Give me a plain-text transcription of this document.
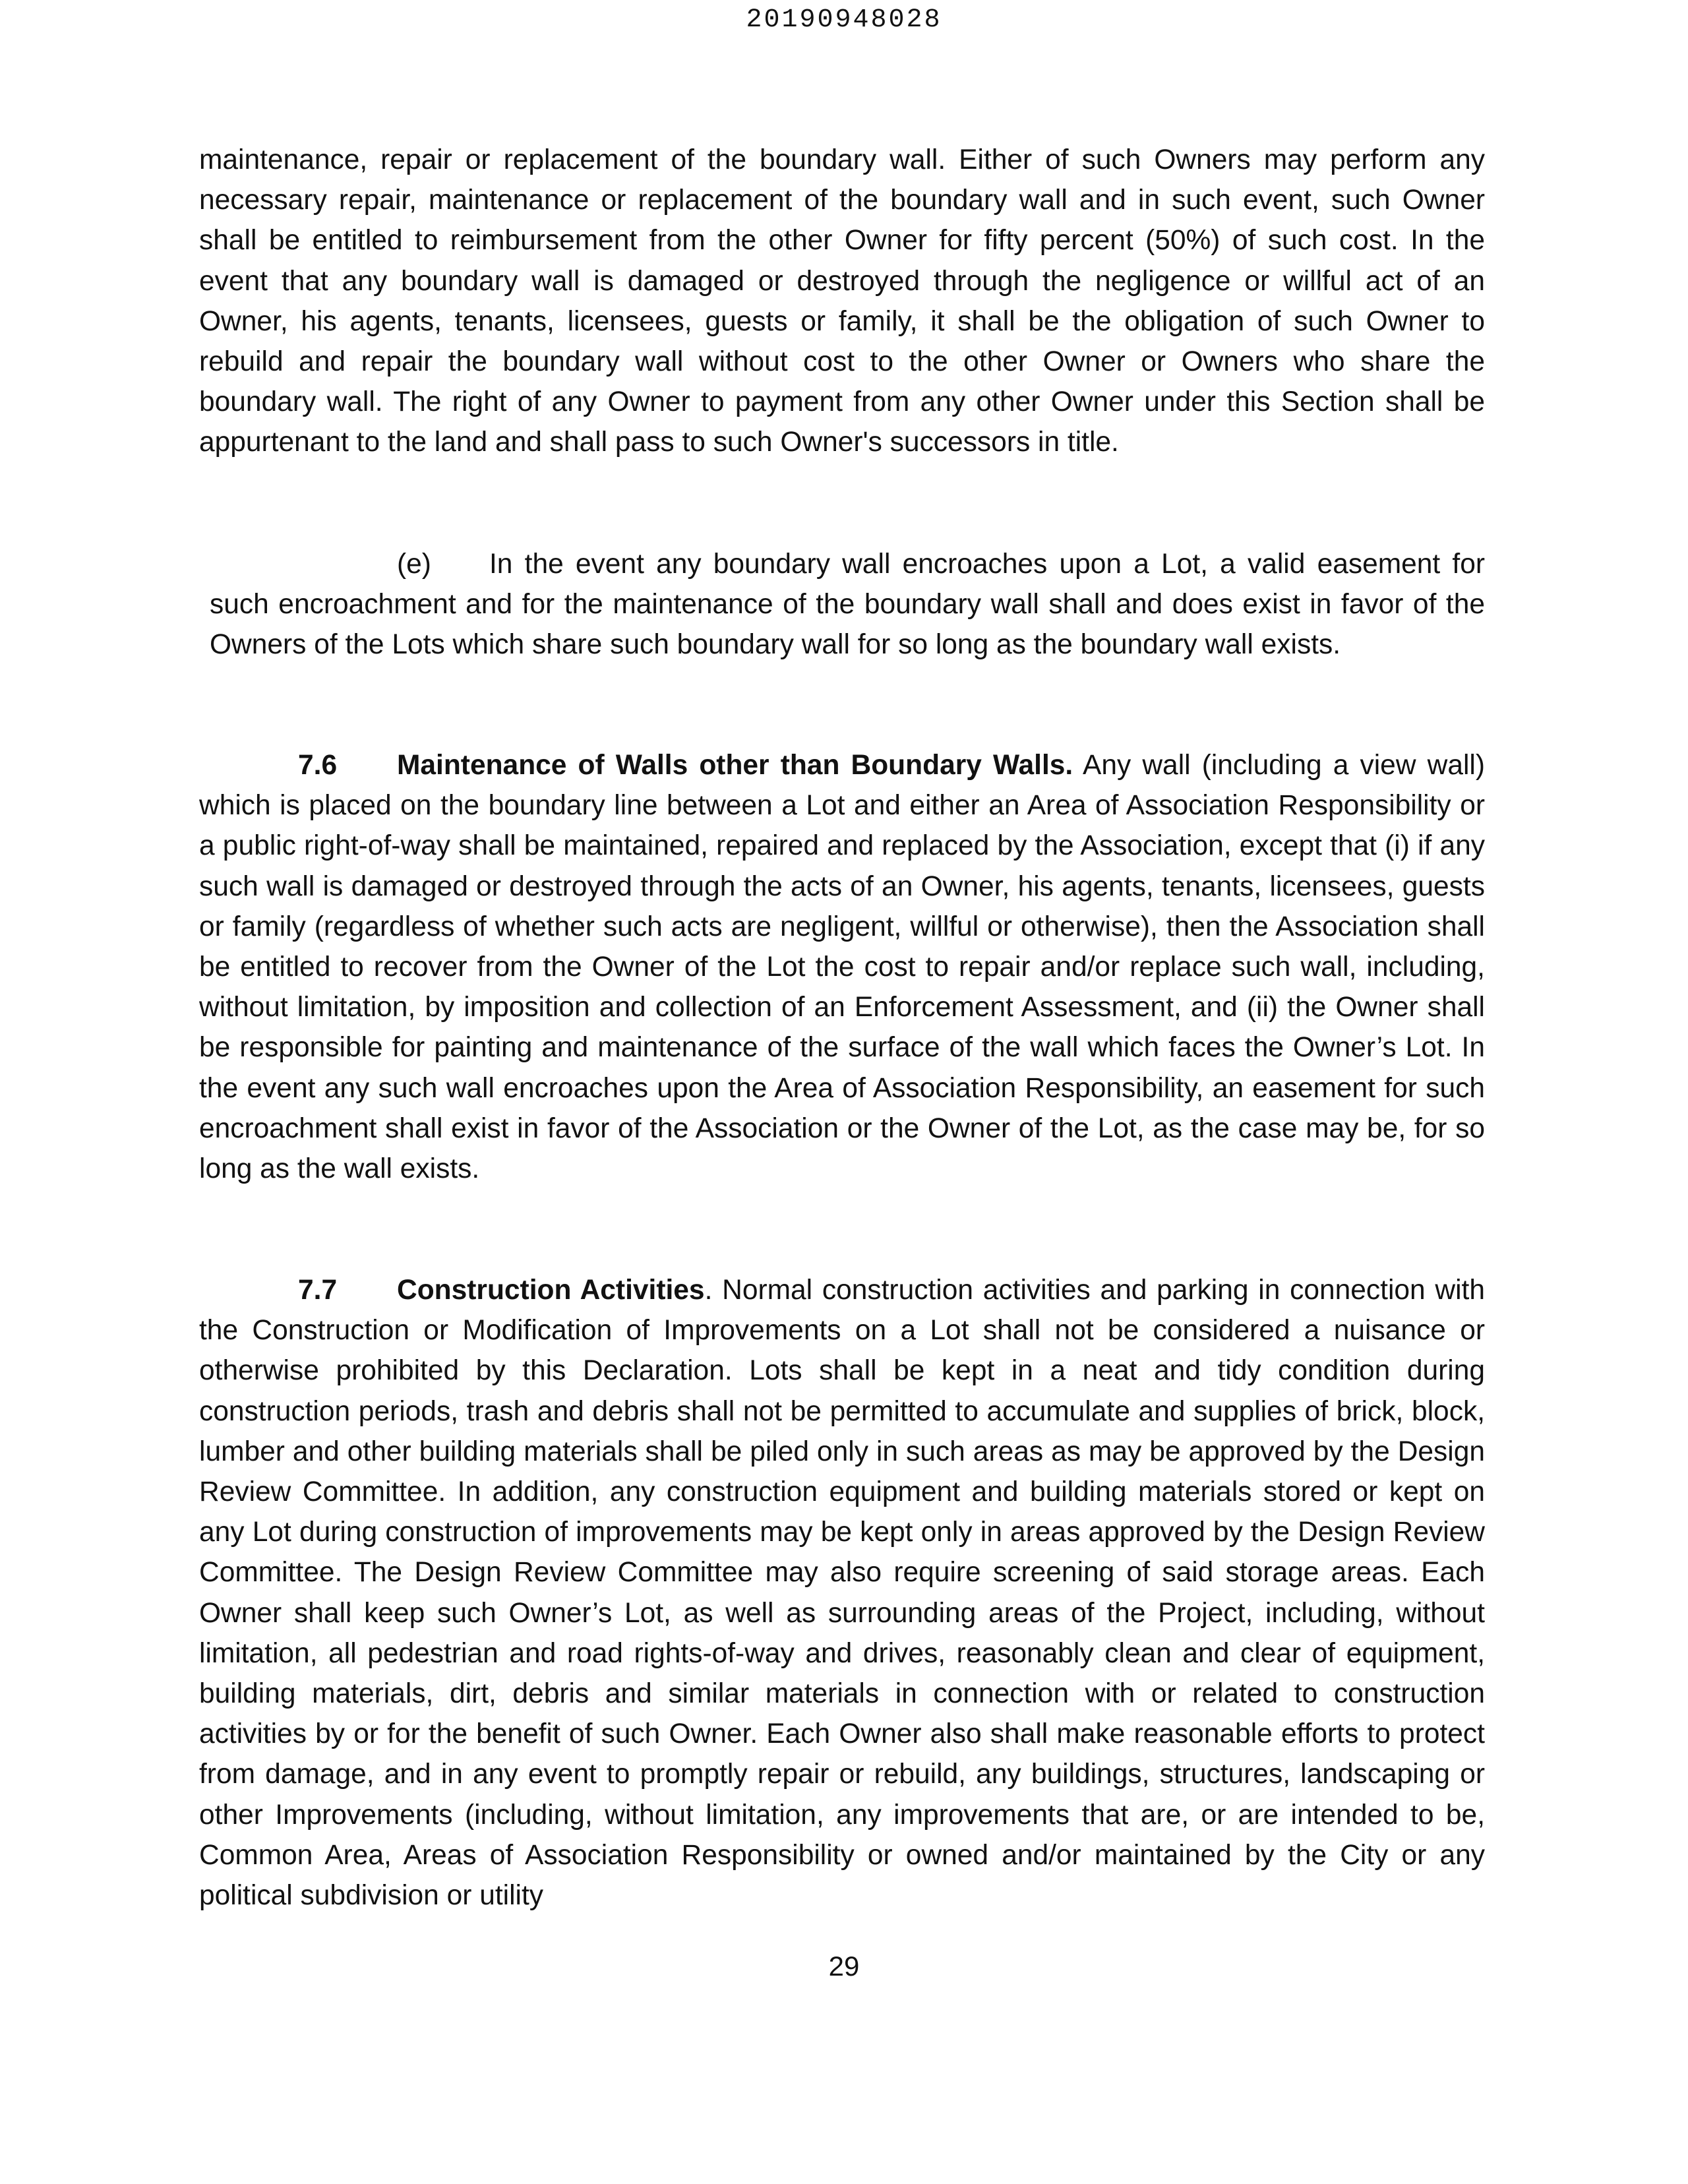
20190948028

maintenance, repair or replacement of the boundary wall. Either of such Owners may perform any necessary repair, maintenance or replacement of the boundary wall and in such event, such Owner shall be entitled to reimbursement from the other Owner for fifty percent (50%) of such cost. In the event that any boundary wall is damaged or destroyed through the negligence or willful act of an Owner, his agents, tenants, licensees, guests or family, it shall be the obligation of such Owner to rebuild and repair the boundary wall without cost to the other Owner or Owners who share the boundary wall. The right of any Owner to payment from any other Owner under this Section shall be appurtenant to the land and shall pass to such Owner's successors in title.

(e) In the event any boundary wall encroaches upon a Lot, a valid easement for such encroachment and for the maintenance of the boundary wall shall and does exist in favor of the Owners of the Lots which share such boundary wall for so long as the boundary wall exists.

7.6 Maintenance of Walls other than Boundary Walls. Any wall (including a view wall) which is placed on the boundary line between a Lot and either an Area of Association Responsibility or a public right-of-way shall be maintained, repaired and replaced by the Association, except that (i) if any such wall is damaged or destroyed through the acts of an Owner, his agents, tenants, licensees, guests or family (regardless of whether such acts are negligent, willful or otherwise), then the Association shall be entitled to recover from the Owner of the Lot the cost to repair and/or replace such wall, including, without limitation, by imposition and collection of an Enforcement Assessment, and (ii) the Owner shall be responsible for painting and maintenance of the surface of the wall which faces the Owner’s Lot. In the event any such wall encroaches upon the Area of Association Responsibility, an easement for such encroachment shall exist in favor of the Association or the Owner of the Lot, as the case may be, for so long as the wall exists.

7.7 Construction Activities. Normal construction activities and parking in connection with the Construction or Modification of Improvements on a Lot shall not be considered a nuisance or otherwise prohibited by this Declaration. Lots shall be kept in a neat and tidy condition during construction periods, trash and debris shall not be permitted to accumulate and supplies of brick, block, lumber and other building materials shall be piled only in such areas as may be approved by the Design Review Committee. In addition, any construction equipment and building materials stored or kept on any Lot during construction of improvements may be kept only in areas approved by the Design Review Committee. The Design Review Committee may also require screening of said storage areas. Each Owner shall keep such Owner’s Lot, as well as surrounding areas of the Project, including, without limitation, all pedestrian and road rights-of-way and drives, reasonably clean and clear of equipment, building materials, dirt, debris and similar materials in connection with or related to construction activities by or for the benefit of such Owner. Each Owner also shall make reasonable efforts to protect from damage, and in any event to promptly repair or rebuild, any buildings, structures, landscaping or other Improvements (including, without limitation, any improvements that are, or are intended to be, Common Area, Areas of Association Responsibility or owned and/or maintained by the City or any political subdivision or utility

29
